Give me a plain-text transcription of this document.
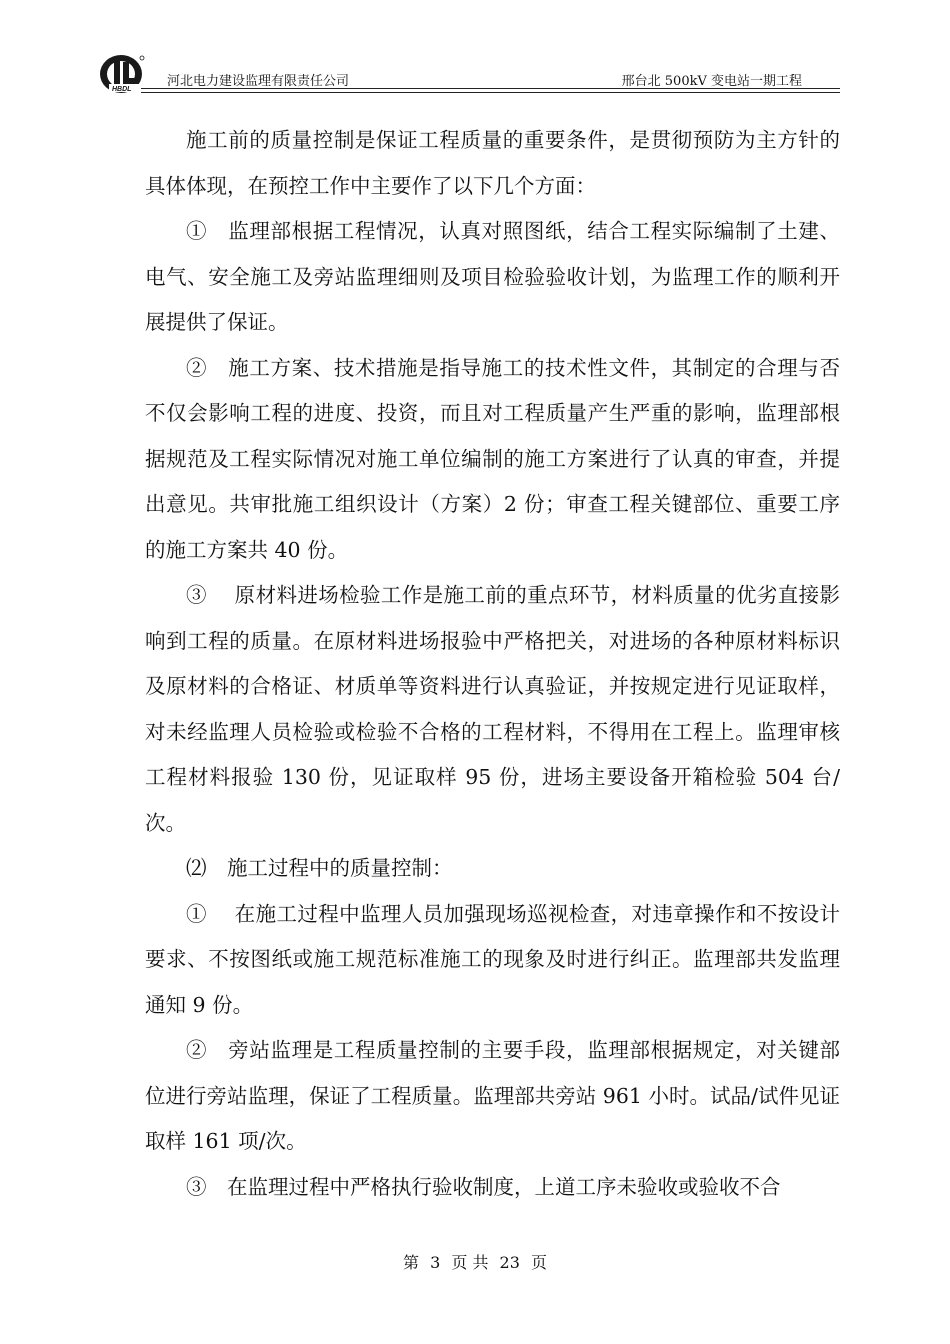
HBDL
河北电力建设监理有限责任公司	邢台北 500kV 变电站一期工程

施工前的质量控制是保证工程质量的重要条件，是贯彻预防为主方针的具体体现，在预控工作中主要作了以下几个方面：

①　监理部根据工程情况，认真对照图纸，结合工程实际编制了土建、电气、安全施工及旁站监理细则及项目检验验收计划，为监理工作的顺利开展提供了保证。

②　施工方案、技术措施是指导施工的技术性文件，其制定的合理与否不仅会影响工程的进度、投资，而且对工程质量产生严重的影响，监理部根据规范及工程实际情况对施工单位编制的施工方案进行了认真的审查，并提出意见。共审批施工组织设计（方案）2 份；审查工程关键部位、重要工序的施工方案共 40 份。

③　 原材料进场检验工作是施工前的重点环节，材料质量的优劣直接影响到工程的质量。在原材料进场报验中严格把关，对进场的各种原材料标识及原材料的合格证、材质单等资料进行认真验证，并按规定进行见证取样，对未经监理人员检验或检验不合格的工程材料，不得用在工程上。监理审核工程材料报验 130 份，见证取样 95 份，进场主要设备开箱检验 504 台/次。

⑵　施工过程中的质量控制：

①　 在施工过程中监理人员加强现场巡视检查，对违章操作和不按设计要求、不按图纸或施工规范标准施工的现象及时进行纠正。监理部共发监理通知 9 份。

②　旁站监理是工程质量控制的主要手段，监理部根据规定，对关键部位进行旁站监理，保证了工程质量。监理部共旁站 961 小时。试品/试件见证取样 161 项/次。

③　在监理过程中严格执行验收制度，上道工序未验收或验收不合

第 3 页 共 23 页
